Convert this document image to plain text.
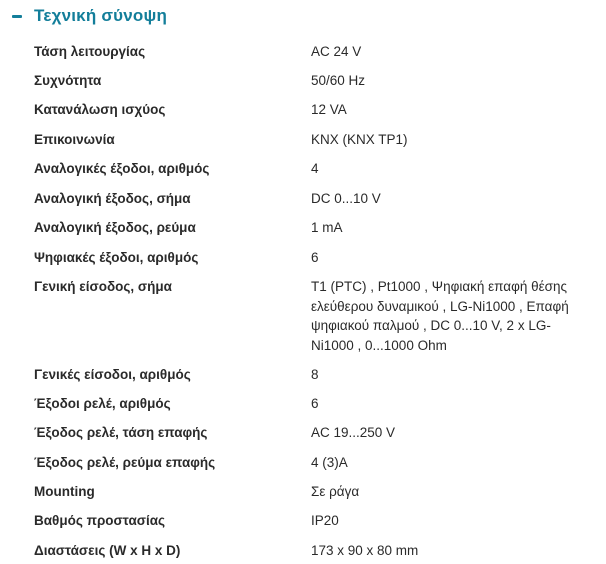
Τεχνική σύνοψη
Τάση λειτουργίας	AC 24 V
Συχνότητα	50/60 Hz
Κατανάλωση ισχύος	12 VA
Επικοινωνία	KNX (KNX TP1)
Αναλογικές έξοδοι, αριθμός	4
Αναλογική έξοδος, σήμα	DC 0...10 V
Αναλογική έξοδος, ρεύμα	1 mA
Ψηφιακές έξοδοι, αριθμός	6
Γενική είσοδος, σήμα	T1 (PTC) , Pt1000 , Ψηφιακή επαφή θέσης ελεύθερου δυναμικού , LG-Ni1000 , Επαφή ψηφιακού παλμού , DC 0...10 V, 2 x LG-Ni1000 , 0...1000 Ohm
Γενικές είσοδοι, αριθμός	8
Έξοδοι ρελέ, αριθμός	6
Έξοδος ρελέ, τάση επαφής	AC 19...250 V
Έξοδος ρελέ, ρεύμα επαφής	4 (3)A
Mounting	Σε ράγα
Βαθμός προστασίας	IP20
Διαστάσεις (W x H x D)	173 x 90 x 80 mm
